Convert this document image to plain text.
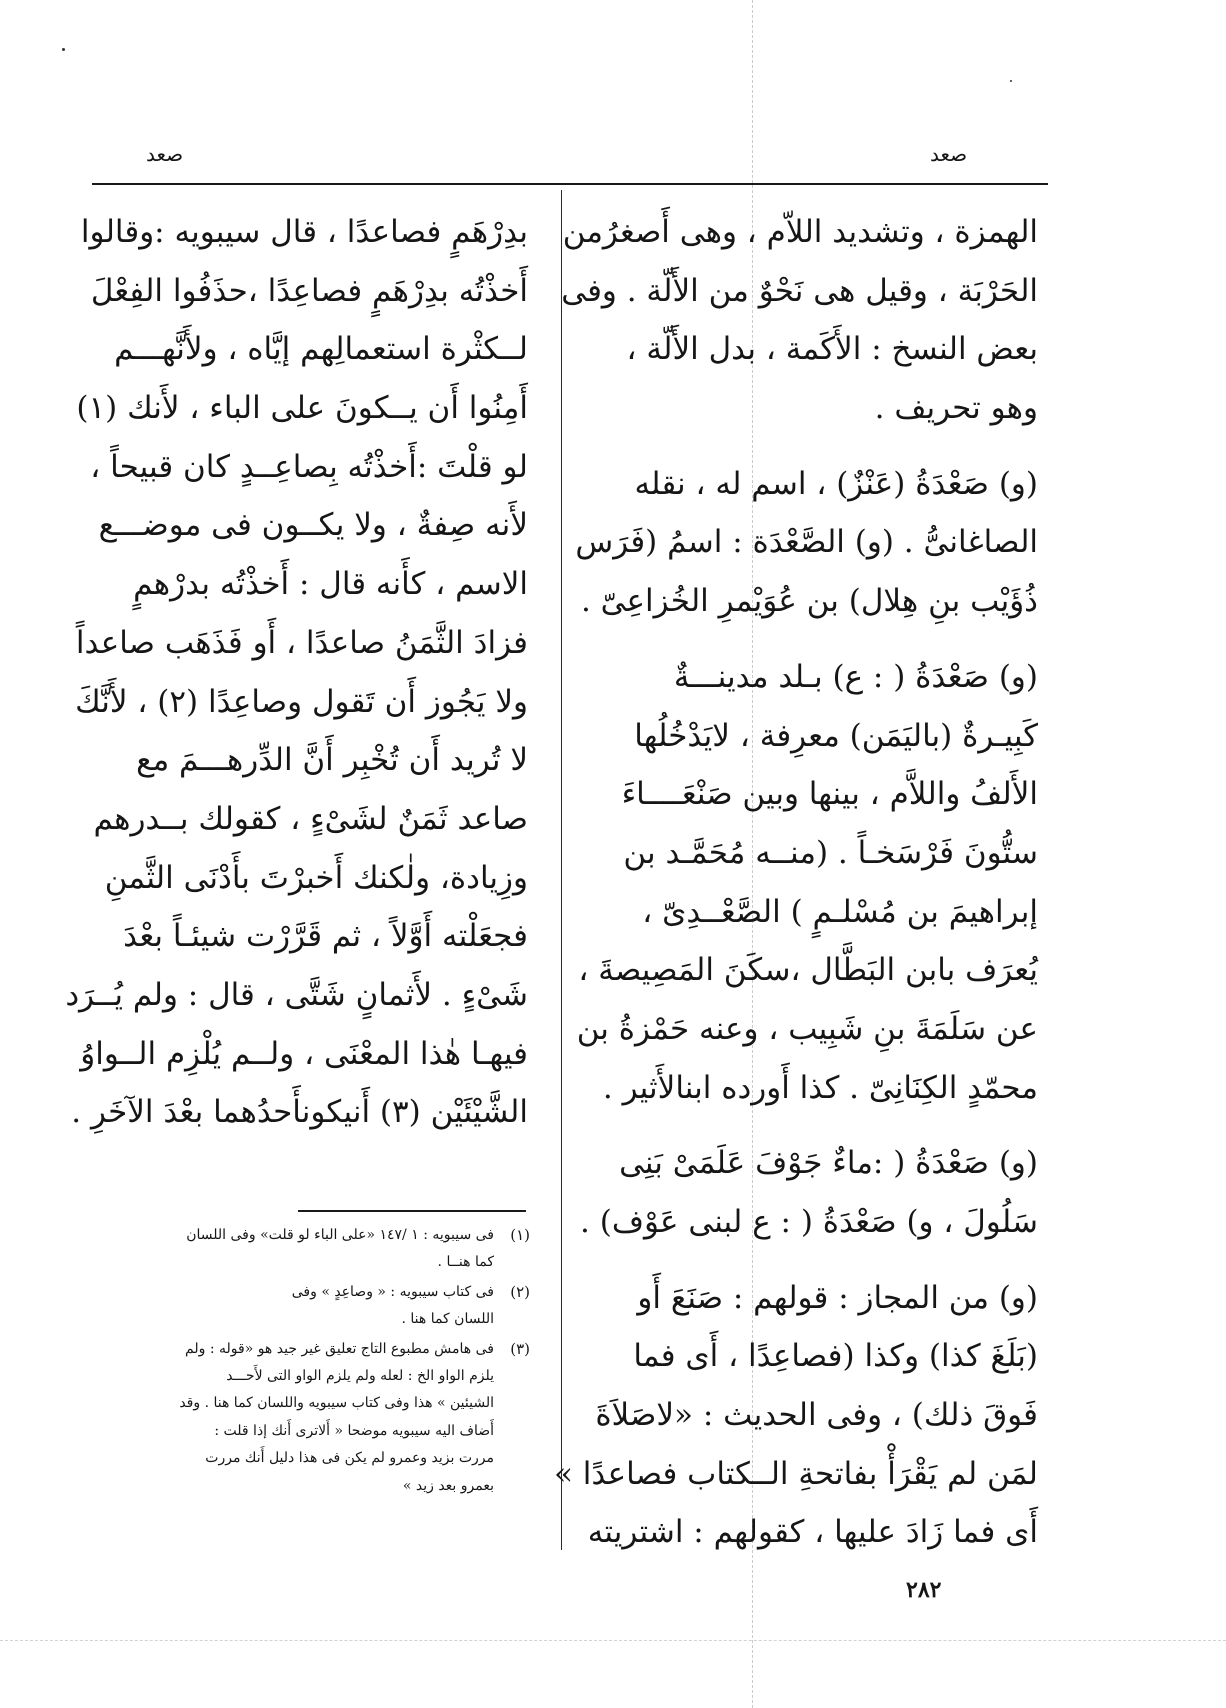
صعد
صعد
الهمزة ، وتشديد اللاّم ، وهى أَصغرُمن
الحَرْبَة ، وقيل هى نَحْوٌ من الأَلّة . وفى
بعض النسخ : الأَكَمة ، بدل الأَلّة ،
وهو تحريف .
(و) صَعْدَةُ (عَنْزٌ) ، اسم له ، نقله
الصاغانىُّ . (و) الصَّعْدَة : اسمُ (فَرَس
ذُؤَيْب بنِ هِلال) بن عُوَيْمرِ الخُزاعِىّ .
(و) صَعْدَةُ ( : ع) بـلد مدينـــةٌ
كَبِيـرةٌ (باليَمَن) معرِفة ، لايَدْخُلُها
الأَلفُ واللاَّم ، بينها وبين صَنْعَــــاءَ
ستُّونَ فَرْسَخـاً . (منــه مُحَمَّـد بن
إبراهيمَ بن مُسْلـمٍ ) الصَّعْــدِىّ ،
يُعرَف بابن البَطَّال ،سكَنَ المَصِيصةَ ،
عن سَلَمَةَ بنِ شَبِيب ، وعنه حَمْزةُ بن
محمّدٍ الكِنَانِىّ . كذا أَورده ابنالأَثير .
(و) صَعْدَةُ ( :ماءٌ جَوْفَ عَلَمَىْ بَنِى
سَلُولَ ، و) صَعْدَةُ ( : ع لبنى عَوْف) .
(و) من المجاز : قولهم : صَنَعَ أَو
(بَلَغَ كذا) وكذا (فصاعِدًا ، أَى فما
فَوقَ ذلك) ، وفى الحديث : «لاصَلاَةَ
لمَن لم يَقْرَأْ بفاتحةِ الــكتاب فصاعدًا »
أَى فما زَادَ عليها ، كقولهم : اشتريته
بدِرْهَمٍ فصاعدًا ، قال سيبويه :وقالوا
أَخذْتُه بدِرْهَمٍ فصاعِدًا ،حذَفُوا الفِعْلَ
لــكثْرة استعمالِهم إيَّاه ، ولأَنَّهـــم
أَمِنُوا أَن يــكونَ على الباء ، لأَنك (١)
لو قلْتَ :أَخذْتُه بِصاعِــدٍ كان قبيحاً ،
لأَنه صِفةٌ ، ولا يكــون فى موضـــع
الاسم ، كأَنه قال : أَخذْتُه بدرْهمٍ
فزادَ الثَّمَنُ صاعدًا ، أَو فَذَهَب صاعداً
ولا يَجُوز أَن تَقول وصاعِدًا (٢) ، لأَنَّكَ
لا تُريد أَن تُخْبِر أَنَّ الدِّرهـــمَ مع
صاعد ثَمَنٌ لشَىْءٍ ، كقولك بــدرهم
وزِيادة، ولٰكنك أَخبرْتَ بأَدْنَى الثَّمنِ
فجعَلْته أَوَّلاً ، ثم قَرَّرْت شيئـاً بعْدَ
شَىْءٍ . لأَثمانٍ شَتَّى ، قال : ولم يُــرَد
فيهـا هٰذا المعْنَى ، ولــم يُلْزِم الــواوُ
الشَّيْئَيْن (٣) أَنيكونأَحدُهما بعْدَ الآخَرِ .
(١)
فى سيبويه : ١ /١٤٧ «على الباء لو قلت» وفى اللسان
كما هنــا .
(٢)
فى كتاب سيبويه : « وصاعِدٍ » وفى
اللسان كما هنا .
(٣)
فى هامش مطبوع التاج تعليق غير جيد هو «قوله : ولم
يلزم الواو الخ : لعله ولم يلزم الواو التى لأَحـــد
الشيئين » هذا وفى كتاب سيبويه واللسان كما هنا . وقد
أَضاف اليه سيبويه موضحا « أَلاترى أَنك إذا قلت :
مررت بزيد وعمرو لم يكن فى هذا دليل أَنك مررت
بعمرو بعد زيد »
٢٨٢
